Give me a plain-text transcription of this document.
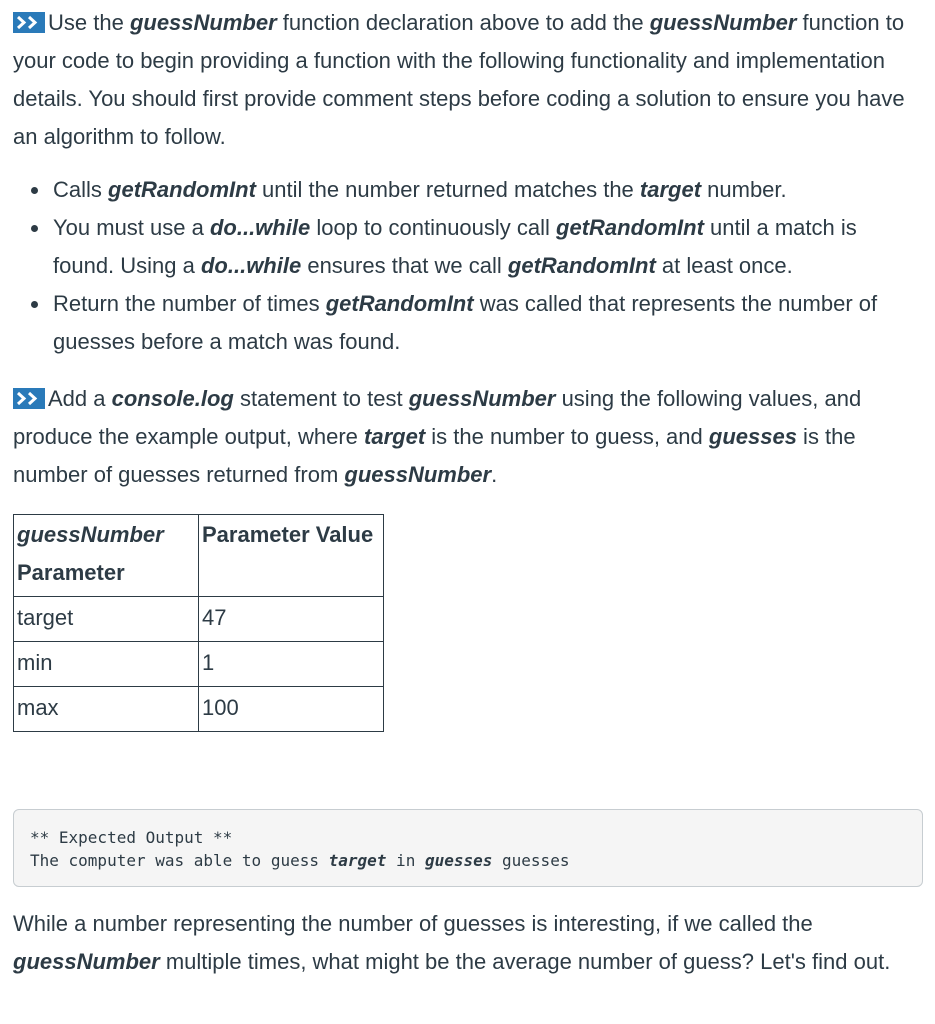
Use the guessNumber function declaration above to add the guessNumber function to your code to begin providing a function with the following functionality and implementation details. You should first provide comment steps before coding a solution to ensure you have an algorithm to follow.

Calls getRandomInt until the number returned matches the target number.
You must use a do...while loop to continuously call getRandomInt until a match is found. Using a do...while ensures that we call getRandomInt at least once.
Return the number of times getRandomInt was called that represents the number of guesses before a match was found.

Add a console.log statement to test guessNumber using the following values, and produce the example output, where target is the number to guess, and guesses is the number of guesses returned from guessNumber.

guessNumber
Parameter	Parameter Value
target	47
min	1
max	100
** Expected Output **
The computer was able to guess target in guesses guesses

While a number representing the number of guesses is interesting, if we called the guessNumber multiple times, what might be the average number of guess? Let's find out.
